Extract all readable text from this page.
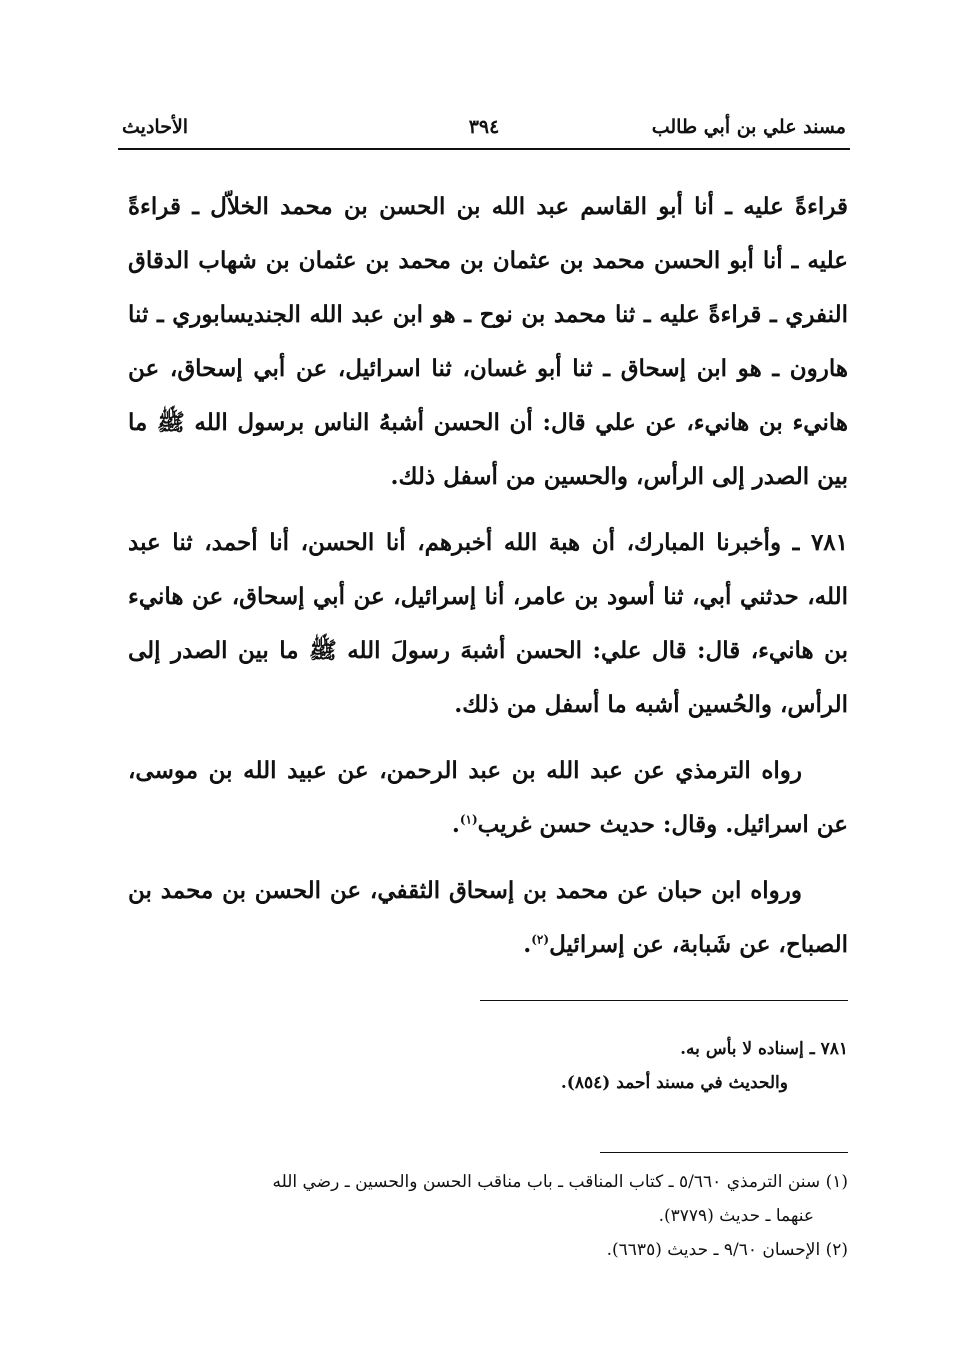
مسند علي بن أبي طالب
٣٩٤
الأحاديث

قراءةً عليه ـ أنا أبو القاسم عبد الله بن الحسن بن محمد الخلاّل ـ قراءةً عليه ـ أنا أبو الحسن محمد بن عثمان بن محمد بن عثمان بن شهاب الدقاق النفري ـ قراءةً عليه ـ ثنا محمد بن نوح ـ هو ابن عبد الله الجنديسابوري ـ ثنا هارون ـ هو ابن إسحاق ـ ثنا أبو غسان، ثنا اسرائيل، عن أبي إسحاق، عن هانيء بن هانيء، عن علي قال: أن الحسن أشبهُ الناس برسول الله ﷺ ما بين الصدر إلى الرأس، والحسين من أسفل ذلك.

٧٨١ ـ وأخبرنا المبارك، أن هبة الله أخبرهم، أنا الحسن، أنا أحمد، ثنا عبد الله، حدثني أبي، ثنا أسود بن عامر، أنا إسرائيل، عن أبي إسحاق، عن هانيء بن هانيء، قال: قال علي: الحسن أشبهَ رسولَ الله ﷺ ما بين الصدر إلى الرأس، والحُسين أشبه ما أسفل من ذلك.

رواه الترمذي عن عبد الله بن عبد الرحمن، عن عبيد الله بن موسى، عن اسرائيل. وقال: حديث حسن غريب$^{(١)}$.

ورواه ابن حبان عن محمد بن إسحاق الثقفي، عن الحسن بن محمد بن الصباح، عن شَبابة، عن إسرائيل$^{(٢)}$.

٧٨١ ـ إسناده لا بأس به.
والحديث في مسند أحمد (٨٥٤).
(١) سنن الترمذي ٥/٦٦٠ ـ كتاب المناقب ـ باب مناقب الحسن والحسين ـ رضي الله
عنهما ـ حديث (٣٧٧٩).
(٢) الإحسان ٩/٦٠ ـ حديث (٦٦٣٥).
